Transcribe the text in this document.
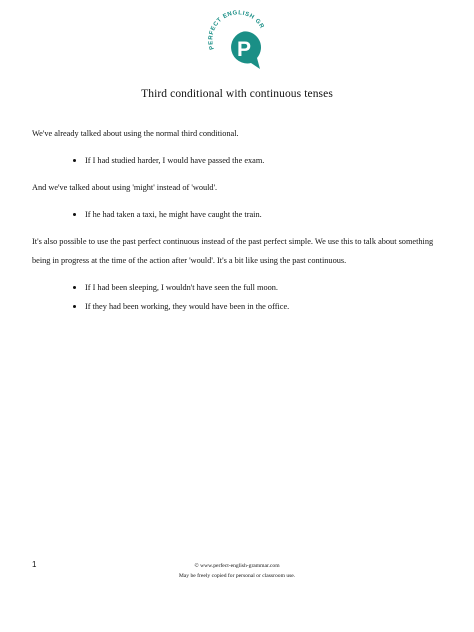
PERFECT ENGLISH GR
P
Third conditional with continuous tenses

We've already talked about using the normal third conditional.

If I had studied harder, I would have passed the exam.

And we've talked about using 'might' instead of 'would'.

If he had taken a taxi, he might have caught the train.

It's also possible to use the past perfect continuous instead of the past perfect simple. We use this to talk about something being in progress at the time of the action after 'would'. It's a bit like using the past continuous.

If I had been sleeping, I wouldn't have seen the full moon.
If they had been working, they would have been in the office.
1	© www.perfect-english-grammar.com
May be freely copied for personal or classroom use.
